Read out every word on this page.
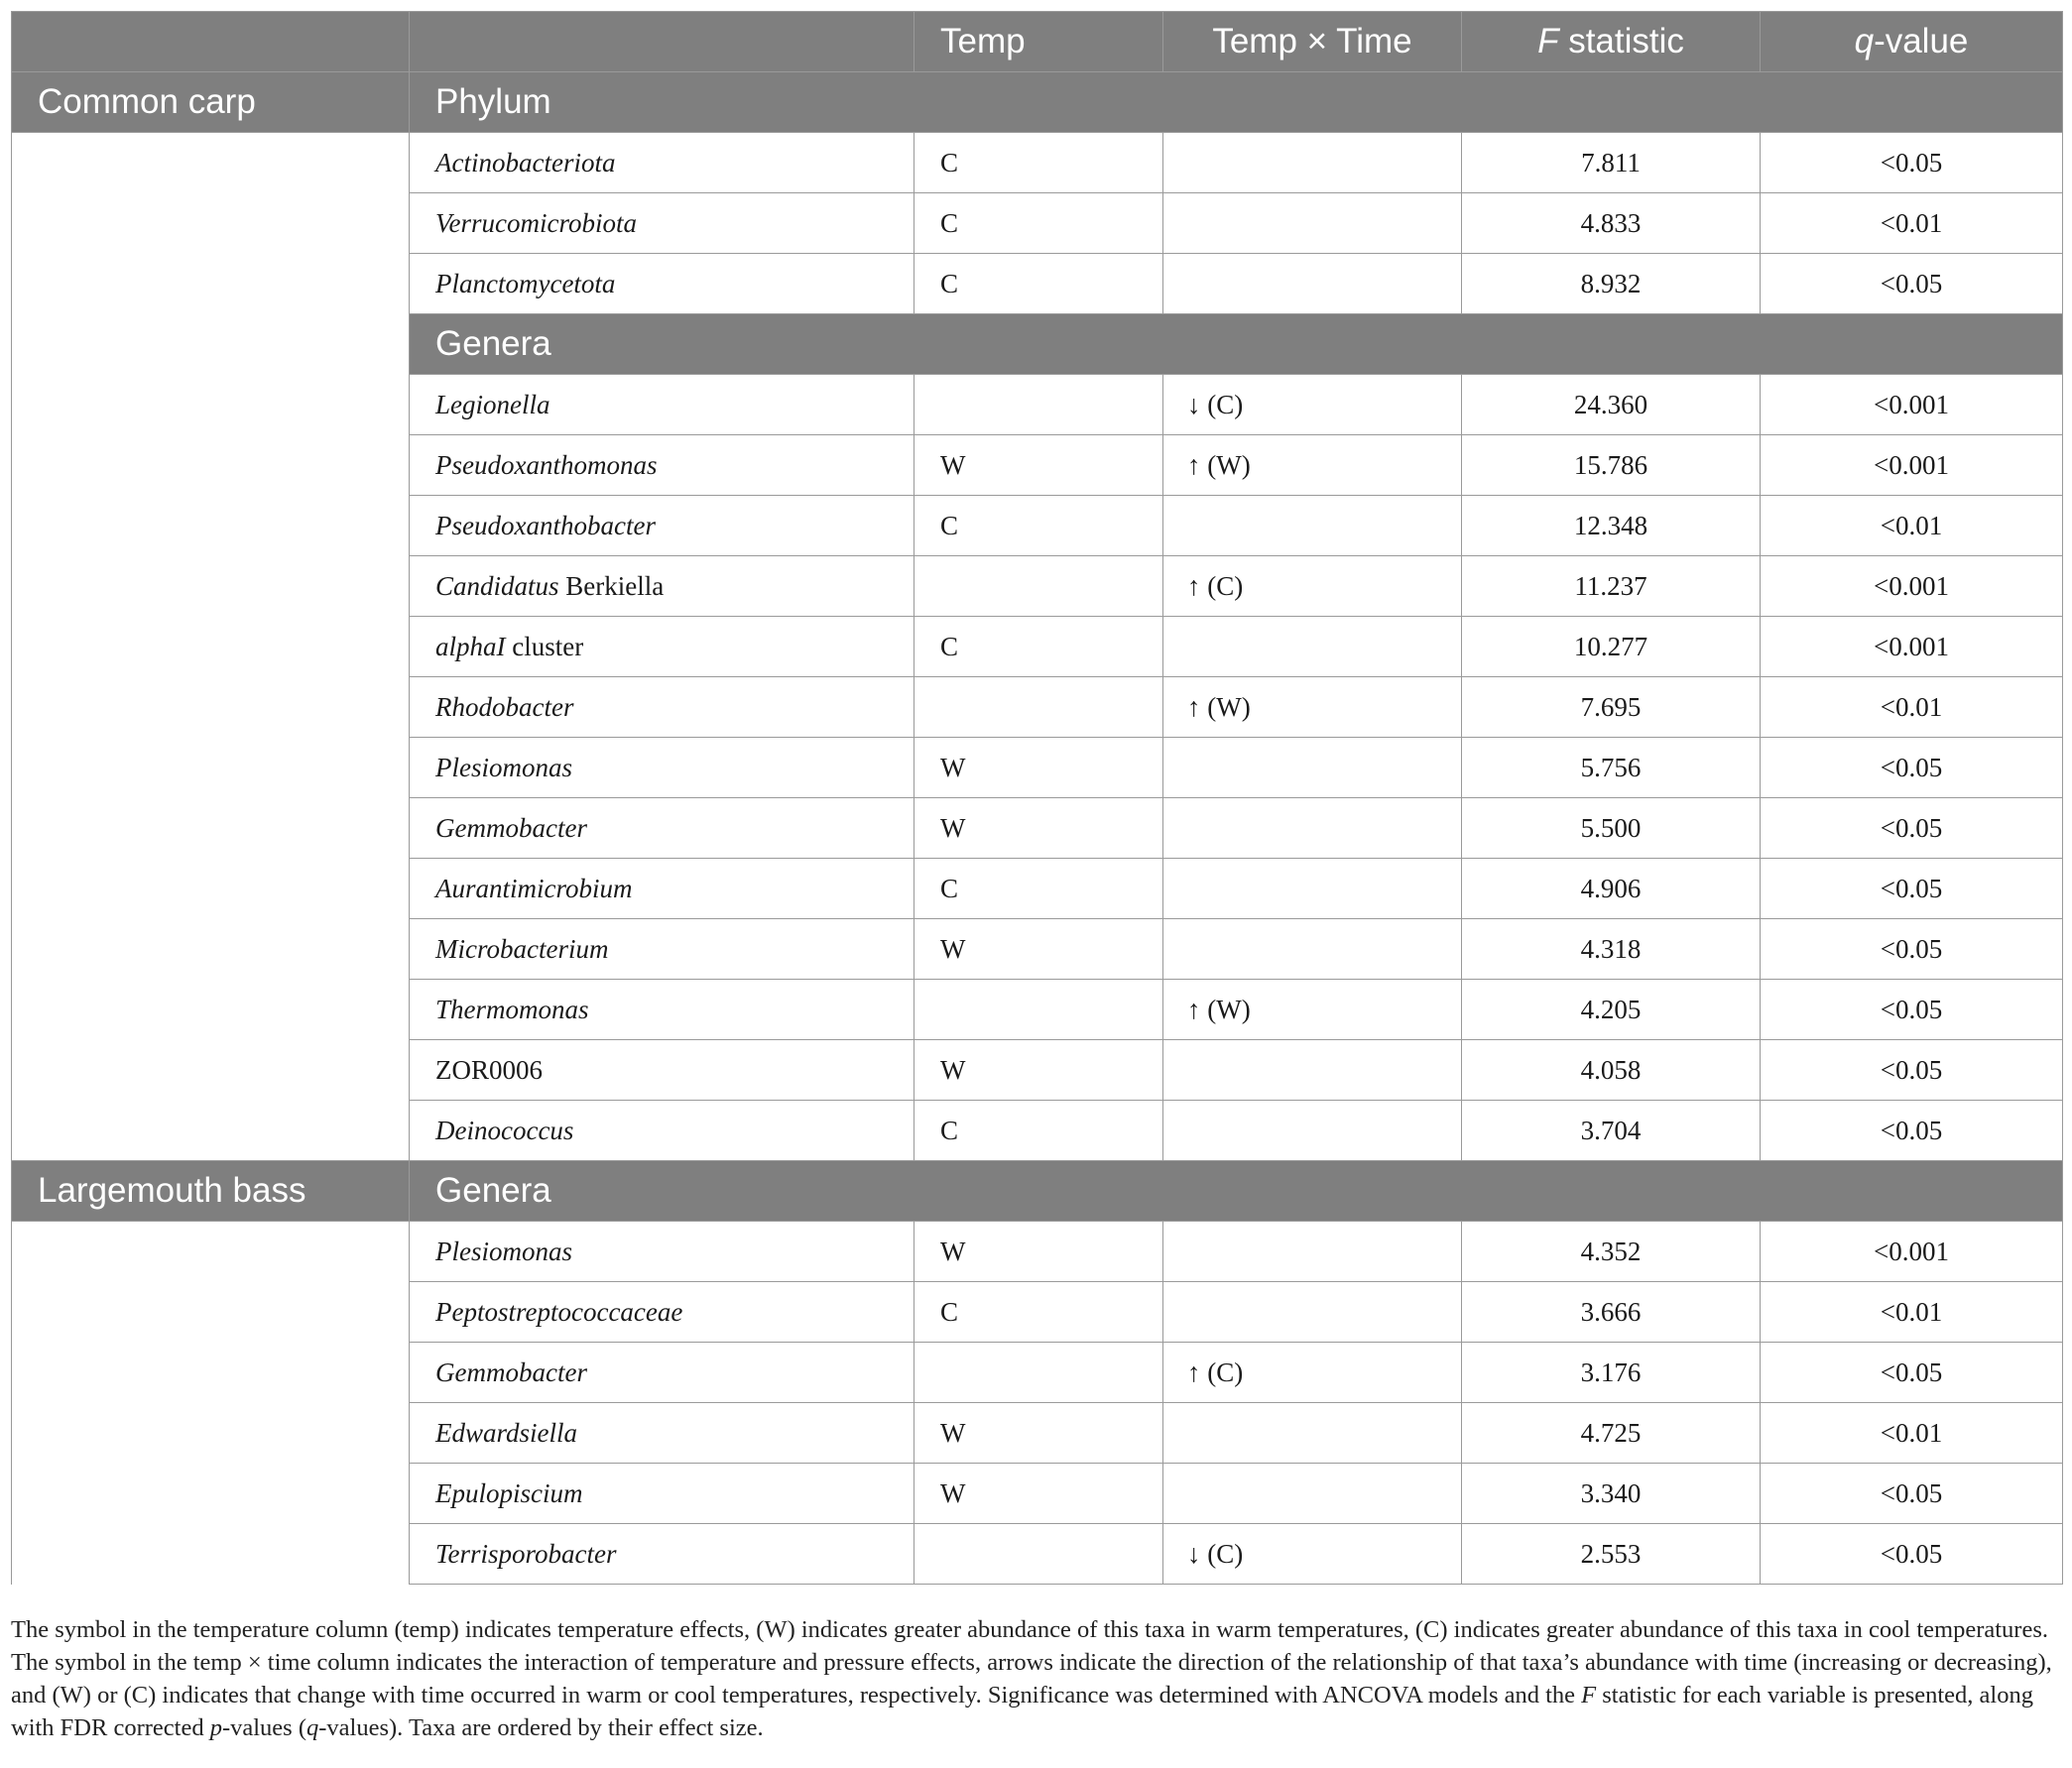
		Temp	Temp × Time	F statistic	q-value
Common carp	Phylum				
	Actinobacteriota	C		7.811	<0.05
	Verrucomicrobiota	C		4.833	<0.01
	Planctomycetota	C		8.932	<0.05
	Genera				
	Legionella		↓ (C)	24.360	<0.001
	Pseudoxanthomonas	W	↑ (W)	15.786	<0.001
	Pseudoxanthobacter	C		12.348	<0.01
	Candidatus Berkiella		↑ (C)	11.237	<0.001
	alphaI cluster	C		10.277	<0.001
	Rhodobacter		↑ (W)	7.695	<0.01
	Plesiomonas	W		5.756	<0.05
	Gemmobacter	W		5.500	<0.05
	Aurantimicrobium	C		4.906	<0.05
	Microbacterium	W		4.318	<0.05
	Thermomonas		↑ (W)	4.205	<0.05
	ZOR0006	W		4.058	<0.05
	Deinococcus	C		3.704	<0.05
Largemouth bass	Genera				
	Plesiomonas	W		4.352	<0.001
	Peptostreptococcaceae	C		3.666	<0.01
	Gemmobacter		↑ (C)	3.176	<0.05
	Edwardsiella	W		4.725	<0.01
	Epulopiscium	W		3.340	<0.05
	Terrisporobacter		↓ (C)	2.553	<0.05
The symbol in the temperature column (temp) indicates temperature effects, (W) indicates greater abundance of this taxa in warm temperatures, (C) indicates greater abundance of this taxa in cool temperatures. The symbol in the temp × time column indicates the interaction of temperature and pressure effects, arrows indicate the direction of the relationship of that taxa’s abundance with time (increasing or decreasing), and (W) or (C) indicates that change with time occurred in warm or cool temperatures, respectively. Significance was determined with ANCOVA models and the F statistic for each variable is presented, along with FDR corrected p-values (q-values). Taxa are ordered by their effect size.
